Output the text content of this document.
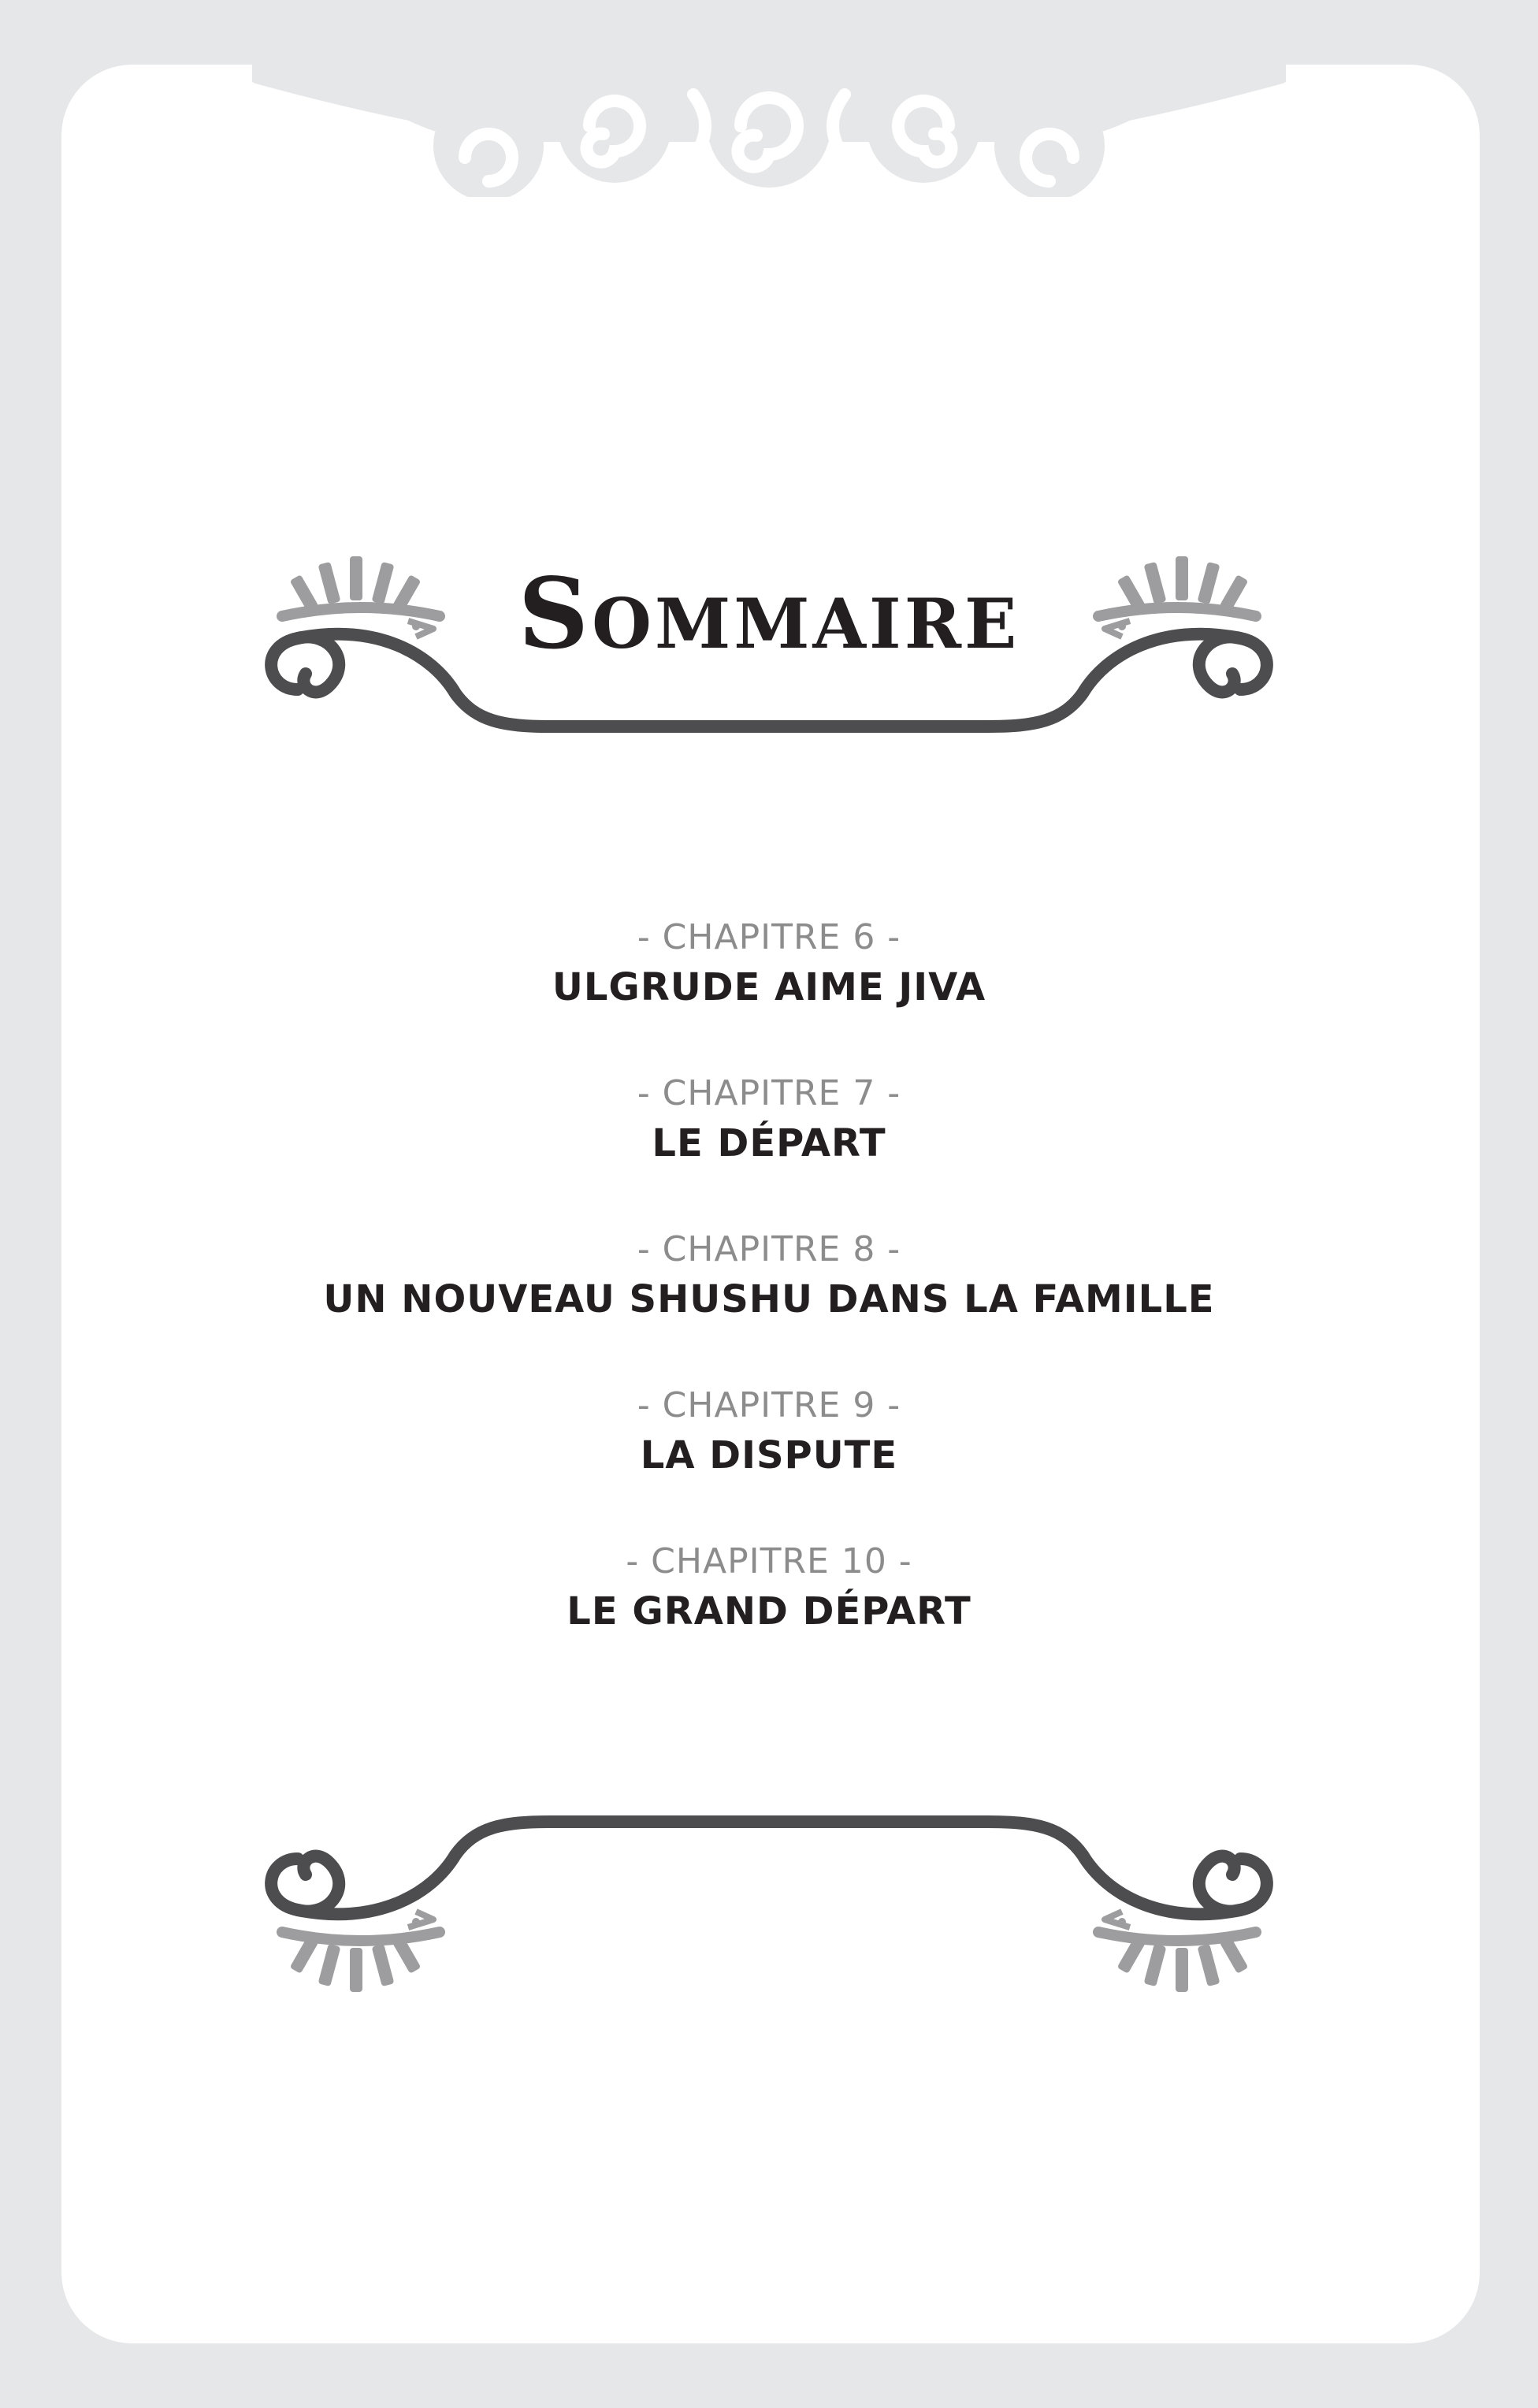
Sommaire
- CHAPITRE 6 -
ULGRUDE AIME JIVA
- CHAPITRE 7 -
LE DÉPART
- CHAPITRE 8 -
UN NOUVEAU SHUSHU DANS LA FAMILLE
- CHAPITRE 9 -
LA DISPUTE
- CHAPITRE 10 -
LE GRAND DÉPART
